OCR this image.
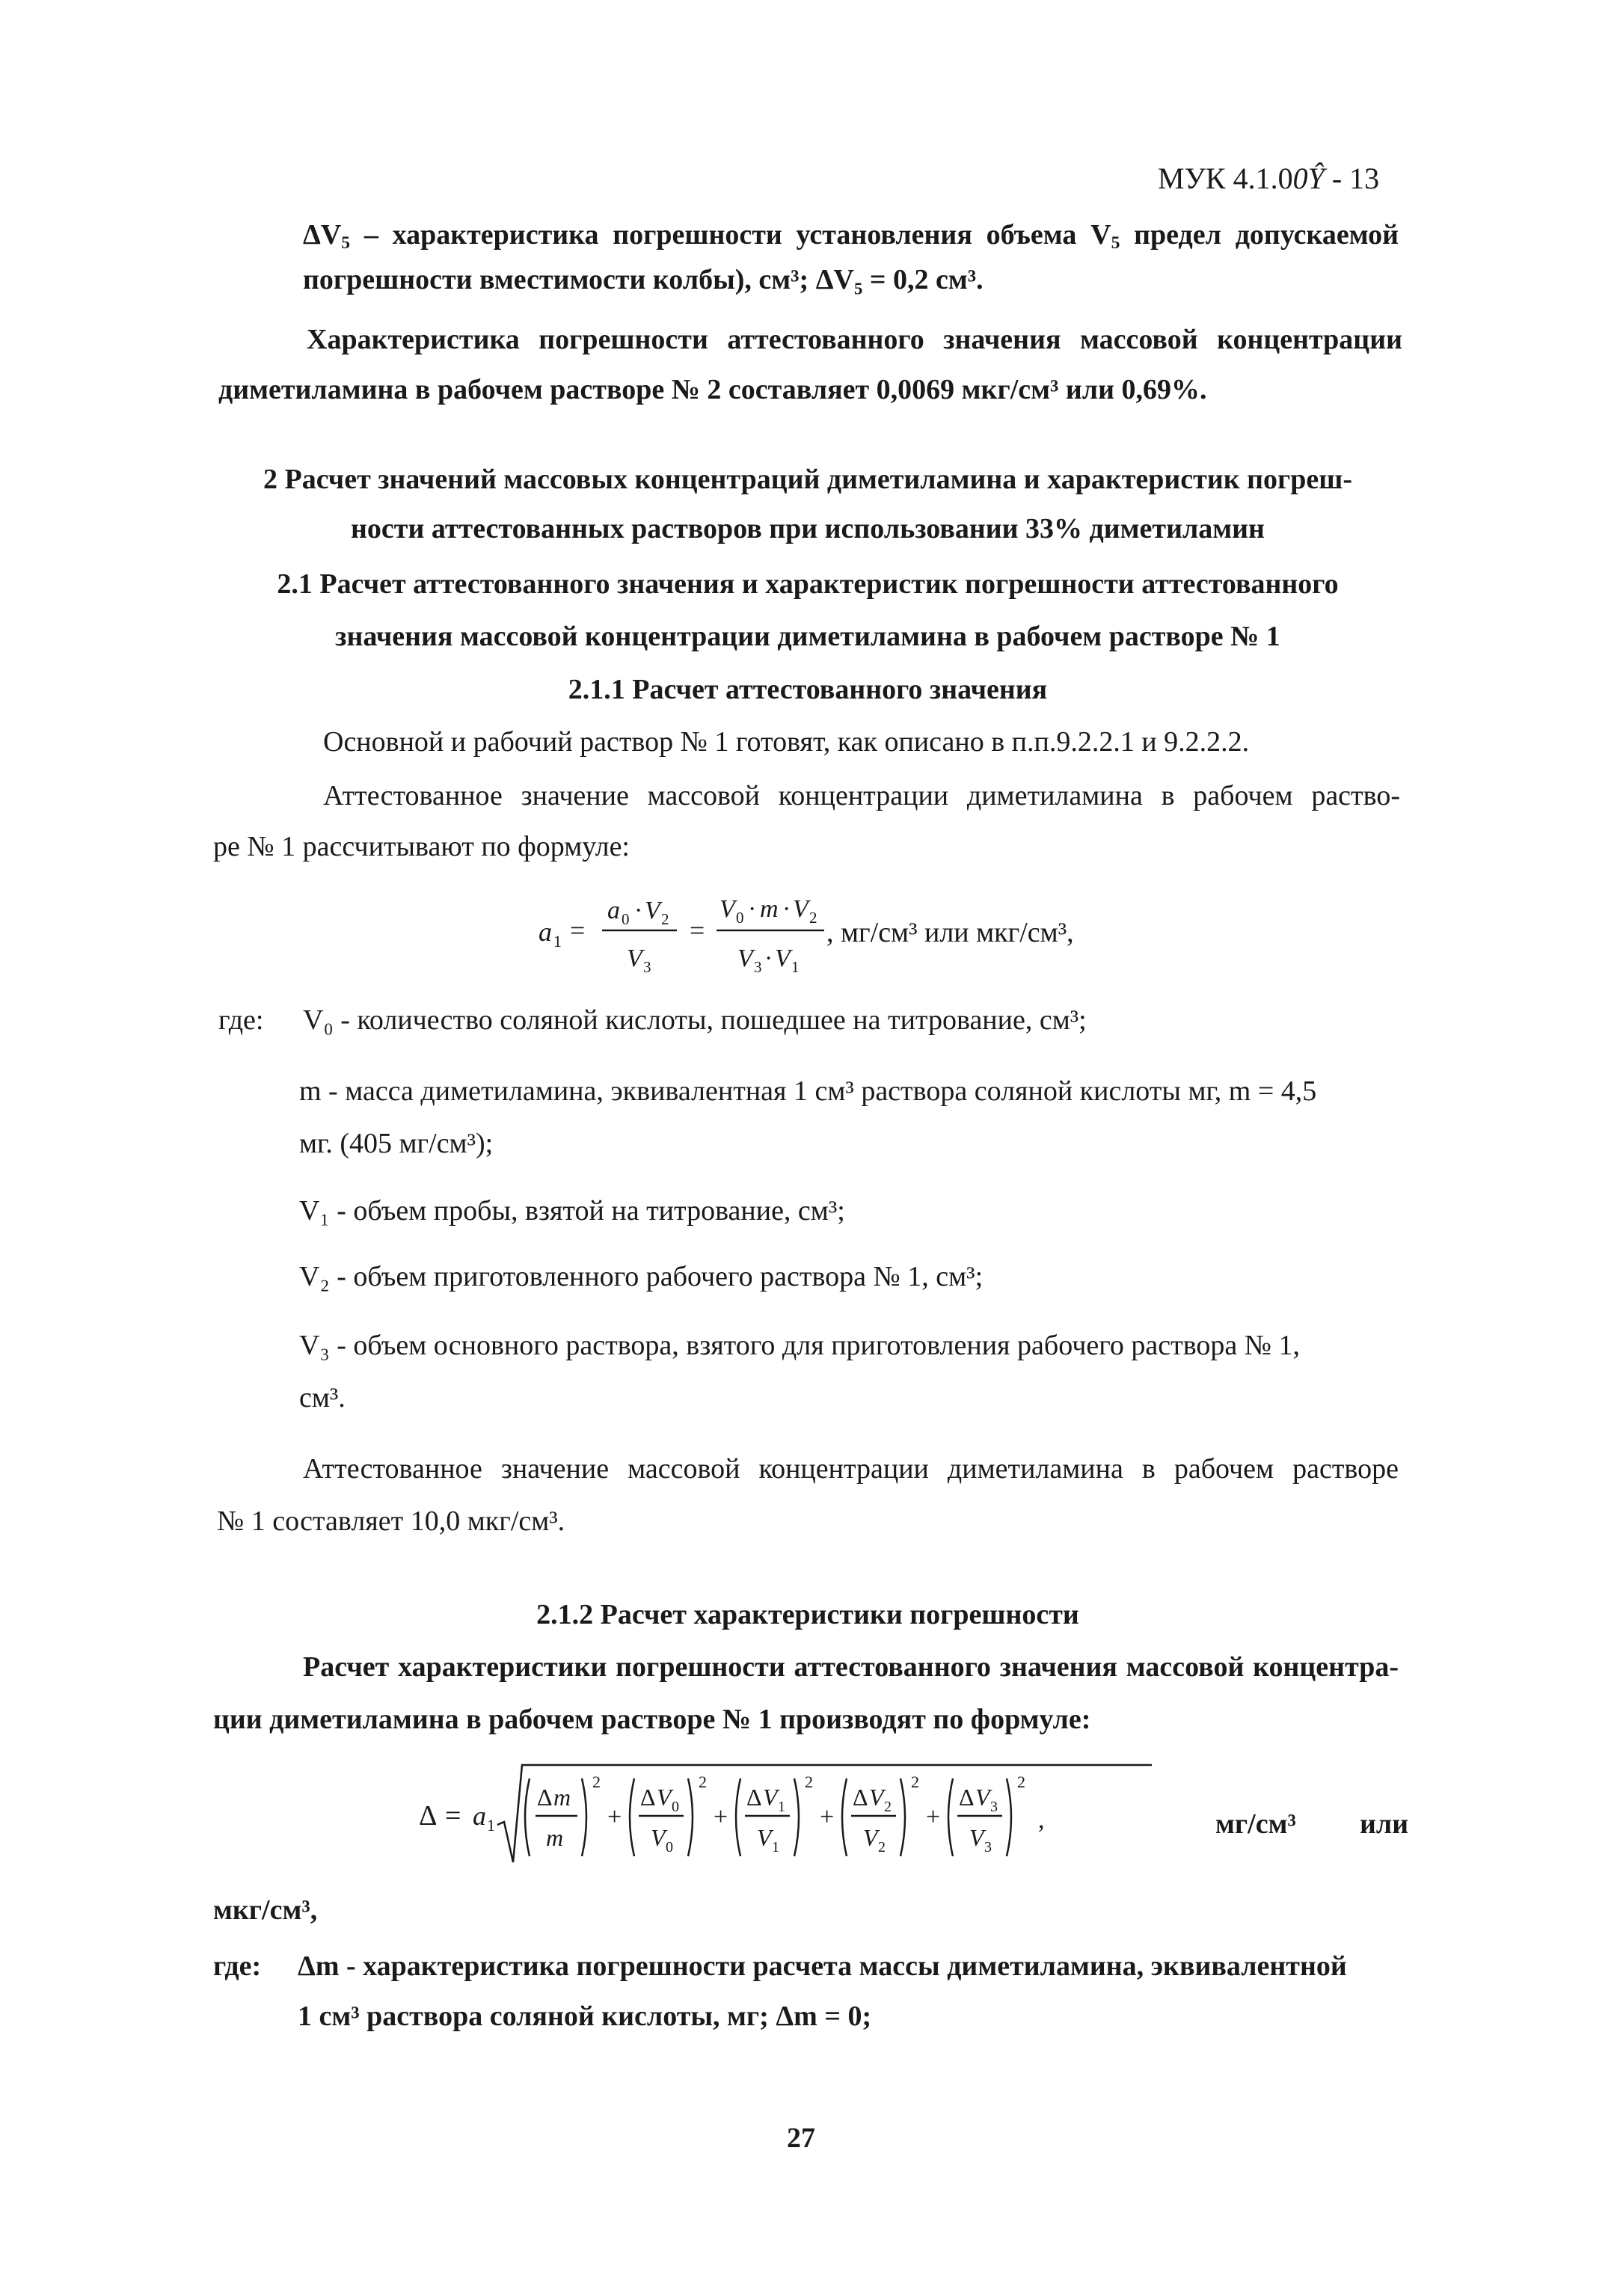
МУК 4.1.00Ŷ - 13
$\Delta V_5$ – характеристика погрешности установления объема $V_5$ предел допускаемой
погрешности вместимости колбы), см³; ΔV₅ = 0,2 см³.
Характеристика погрешности аттестованного значения массовой концентрации
диметиламина в рабочем растворе № 2 составляет 0,0069 мкг/см³ или 0,69%.
2 Расчет значений массовых концентраций диметиламина и характеристик погреш-
ности аттестованных растворов при использовании 33% диметиламин
2.1 Расчет аттестованного значения и характеристик погрешности аттестованного
значения массовой концентрации диметиламина в рабочем растворе № 1
2.1.1 Расчет аттестованного значения
Основной и рабочий раствор № 1 готовят, как описано в п.п.9.2.2.1 и 9.2.2.2.
Аттестованное значение массовой концентрации диметиламина в рабочем раство-
ре № 1 рассчитывают по формуле:
a 1 =
a 0 · V 2
V 3
=
V 0 · m · V 2
V 3 · V 1
, мг/см³ или мкг/см³,
где: V₀ - количество соляной кислоты, пошедшее на титрование, см³;
m - масса диметиламина, эквивалентная 1 см³ растворa соляной кислоты мг, m = 4,5
мг. (405 мг/см³);
V₁ - объем пробы, взятой на титрование, см³;
V₂ - объем приготовленного рабочего раствора № 1, см³;
V₃ - объем основного раствора, взятого для приготовления рабочего раствора № 1,
см³.
Аттестованное значение массовой концентрации диметиламина в рабочем растворе
№ 1 составляет 10,0 мкг/см³.
2.1.2 Расчет характеристики погрешности
Расчет характеристики погрешности аттестованного значения массовой концентра-
ции диметиламина в рабочем растворе № 1 производят по формуле:
Δ = a 1
Δ m
m
2
+
Δ V 0
V 0
2
+
Δ V 1
V 1
2
+
Δ V 2
V 2
2
+
Δ V 3
V 3
2
,	мг/см³ или
мкг/см³,
где: Δm - характеристика погрешности расчета массы диметиламина, эквивалентной
1 см³ раствора соляной кислоты, мг; Δm = 0;
27
